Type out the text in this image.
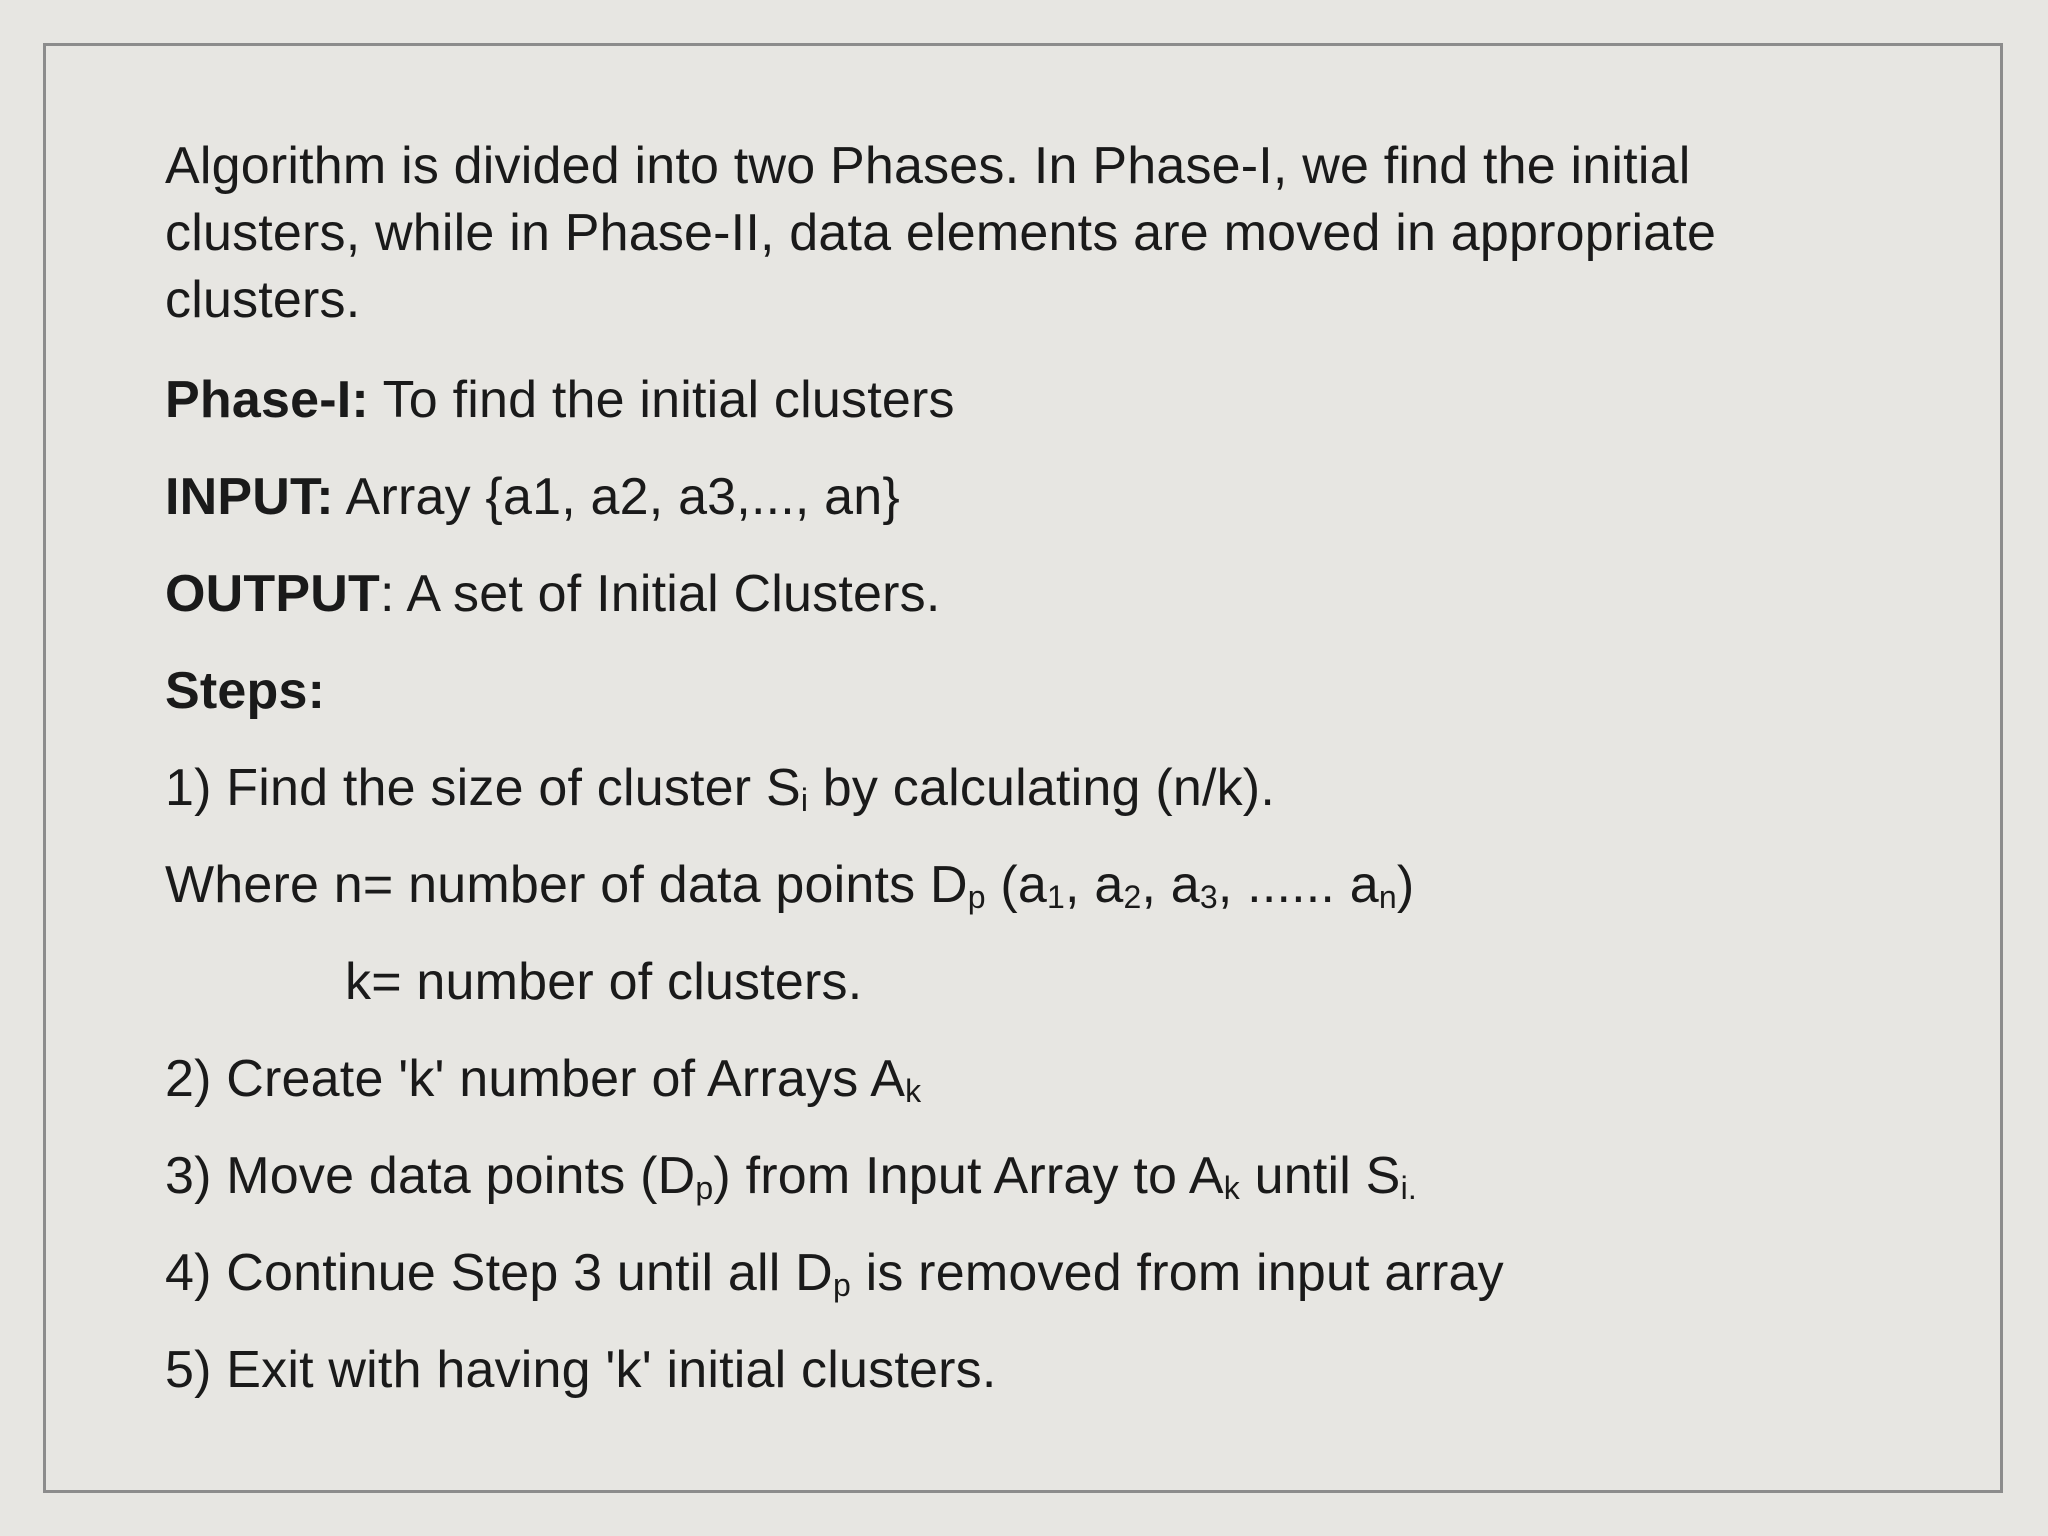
Algorithm is divided into two Phases. In Phase-I, we find the initial clusters, while in Phase-II, data elements are moved in appropriate clusters.

Phase-I: To find the initial clusters
INPUT: Array {a1, a2, a3,..., an}
OUTPUT: A set of Initial Clusters.
Steps:
1) Find the size of cluster $S_i$ by calculating (n/k).
Where n= number of data points $D_p$ ($a_1$, $a_2$, $a_3$, ...... $a_n$)
k= number of clusters.
2) Create 'k' number of Arrays $A_k$
3) Move data points $(D_p)$ from Input Array to $A_k$ until $S_{i.}$
4) Continue Step 3 until all $D_p$ is removed from input array
5) Exit with having 'k' initial clusters.
